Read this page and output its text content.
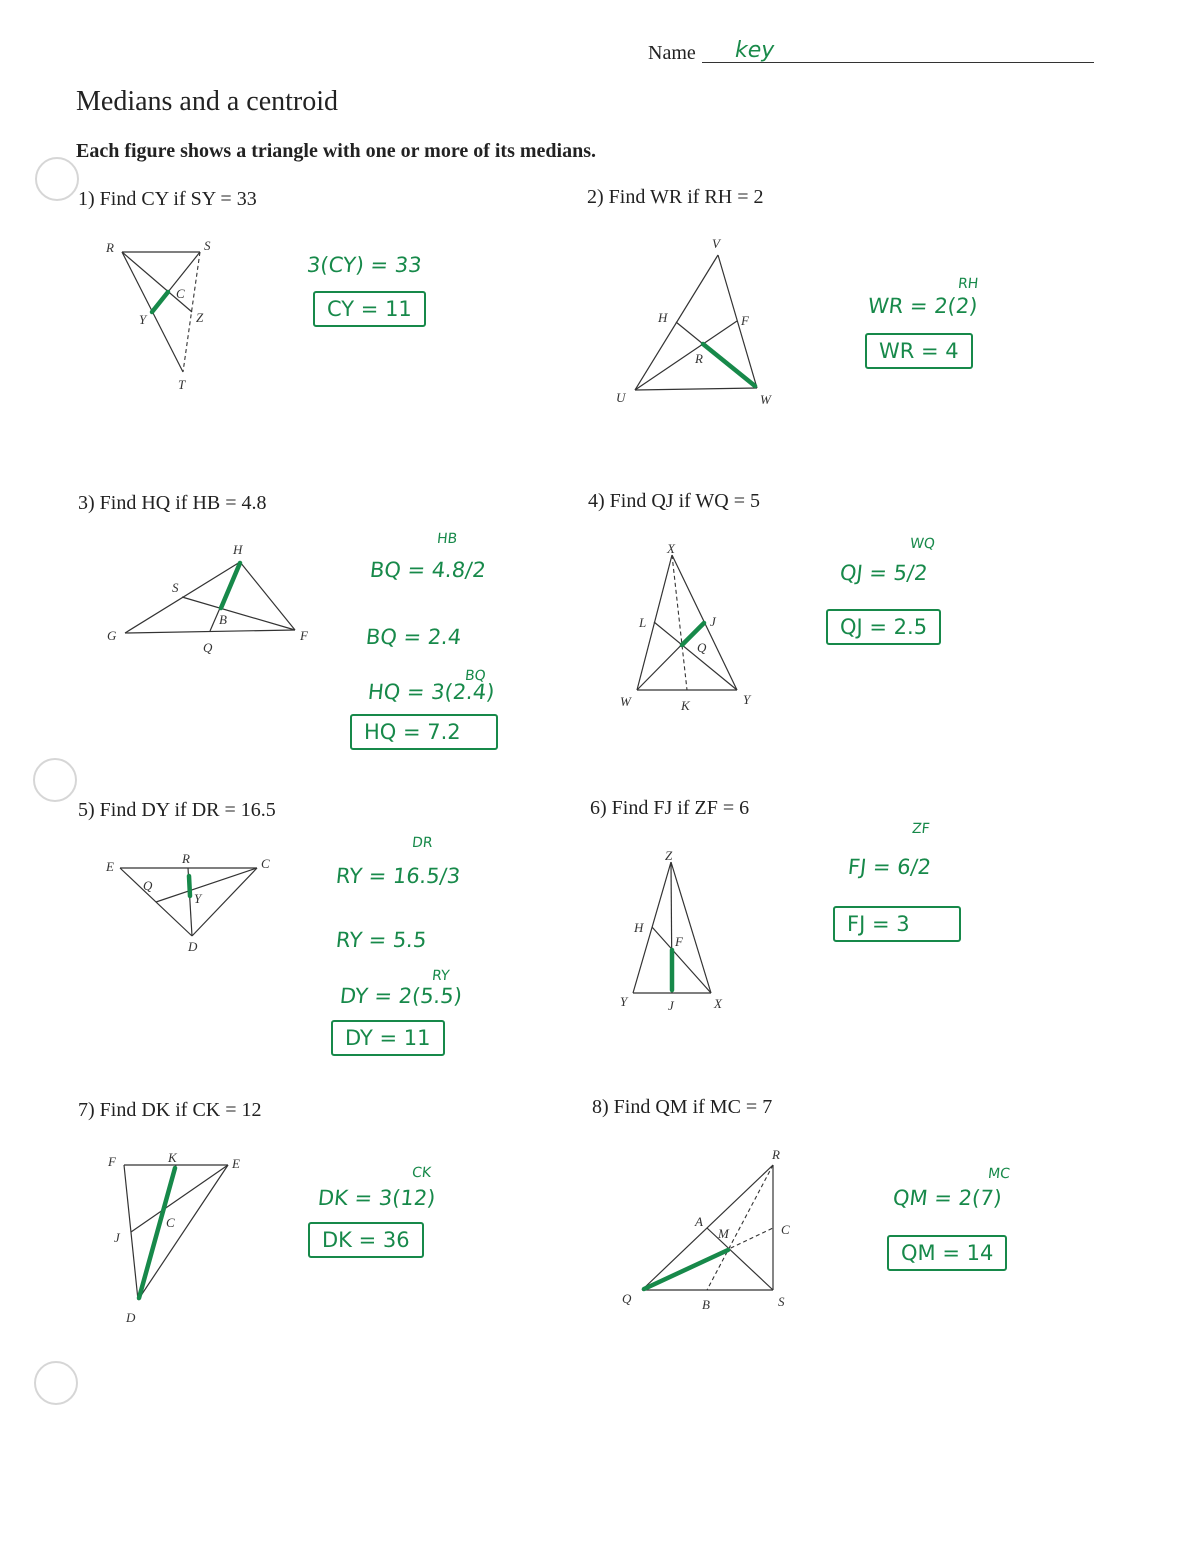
Name key
Medians and a centroid
Each figure shows a triangle with one or more of its medians.
1) Find CY if SY = 33	2) Find WR if RH = 2
3) Find HQ if HB = 4.8	4) Find QJ if WQ = 5
5) Find DY if DR = 16.5	6) Find FJ if ZF = 6
7) Find DK if CK = 12	8) Find QM if MC = 7
R	S
C
Y	Z
T
V
H	F
R
U	W
H
S
B
G
Q
F
X
L	J
Q
W	K	Y
E
R	C
Y
Q
D
Z
H
F
Y	J	X
F	K	E
C
J
D
R
A
M	C
Q	B	S
3(CY) = 33
CY = 11
RH
WR = 2(2)
WR = 4
HB
BQ = 4.8/2
BQ = 2.4
BQ
HQ = 3(2.4)
HQ = 7.2
WQ
QJ = 5/2
QJ = 2.5
DR
RY = 16.5/3
RY = 5.5
RY
DY = 2(5.5)
DY = 11
ZF
FJ = 6/2
FJ = 3
CK
DK = 3(12)
DK = 36
MC
QM = 2(7)
QM = 14
